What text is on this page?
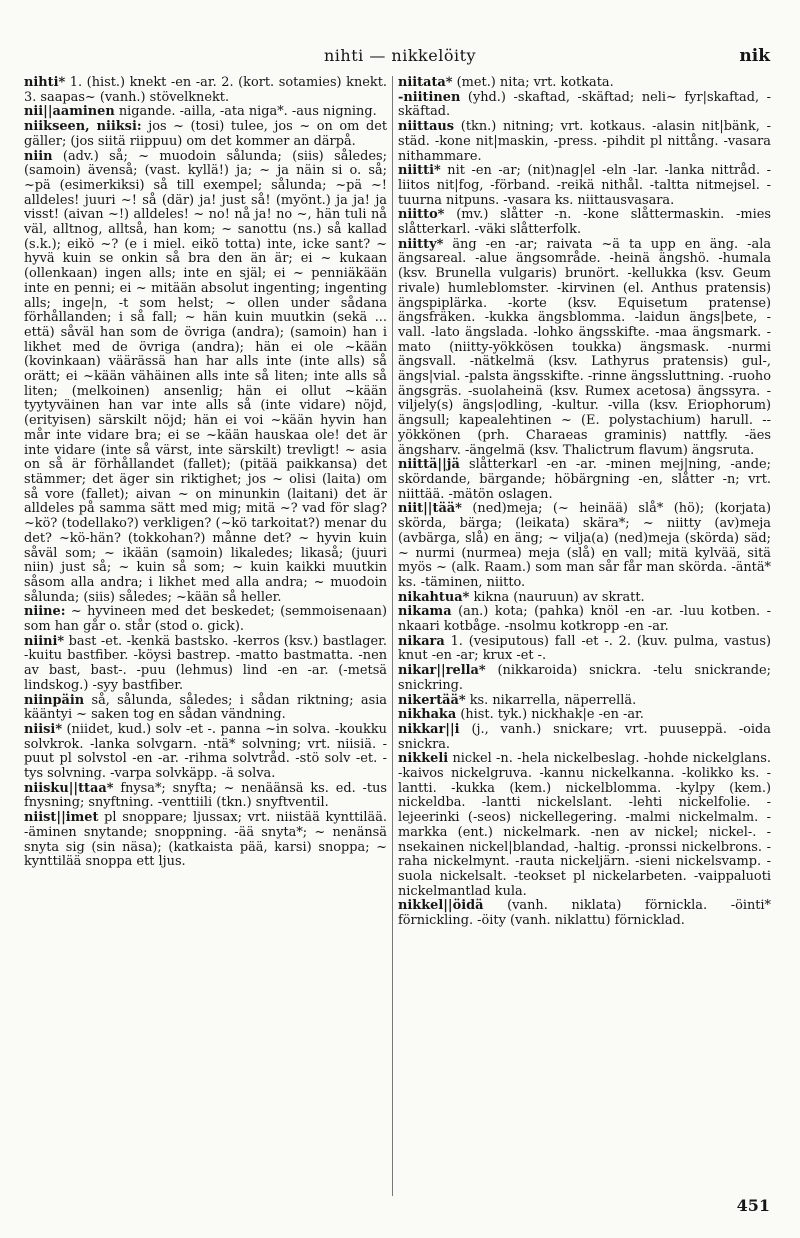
nihti — nikkelöity	nik

nihti* 1. (hist.) knekt -en -ar. 2. (kort. sotamies) knekt. 3. saapas~ (vanh.) stövelknekt.

nii||aaminen nigande. -ailla, -ata niga*. -aus nigning.

niikseen, niiksi: jos ~ (tosi) tulee, jos ~ on om det gäller; (jos siitä riippuu) om det kommer an därpå.

niin (adv.) så; ~ muodoin sålunda; (siis) således; (samoin) ävenså; (vast. kyllä!) ja; ~ ja näin si o. så; ~pä (esimerkiksi) så till exempel; sålunda; ~pä ~! alldeles! juuri ~! så (där) ja! just så! (myönt.) ja ja! ja visst! (aivan ~!) alldeles! ~ no! nå ja! no ~, hän tuli nå väl, alltnog, alltså, han kom; ~ sanottu (ns.) så kallad (s.k.); eikö ~? (e i miel. eikö totta) inte, icke sant? ~ hyvä kuin se onkin så bra den än är; ei ~ kukaan (ollenkaan) ingen alls; inte en själ; ei ~ penniäkään inte en penni; ei ~ mitään absolut ingenting; ingenting alls; inge|n, -t som helst; ~ ollen under sådana förhållanden; i så fall; ~ hän kuin muutkin (sekä ... että) såväl han som de övriga (andra); (samoin) han i likhet med de övriga (andra); hän ei ole ~kään (kovinkaan) väärässä han har alls inte (inte alls) så orätt; ei ~kään vähäinen alls inte så liten; inte alls så liten; (melkoinen) ansenlig; hän ei ollut ~kään tyytyväinen han var inte alls så (inte vidare) nöjd, (erityisen) särskilt nöjd; hän ei voi ~kään hyvin han mår inte vidare bra; ei se ~kään hauskaa ole! det är inte vidare (inte så värst, inte särskilt) trevligt! ~ asia on så är förhållandet (fallet); (pitää paikkansa) det stämmer; det äger sin riktighet; jos ~ olisi (laita) om så vore (fallet); aivan ~ on minunkin (laitani) det är alldeles på samma sätt med mig; mitä ~? vad för slag? ~kö? (todellako?) verkligen? (~kö tarkoitat?) menar du det? ~kö-hän? (tokkohan?) månne det? ~ hyvin kuin såväl som; ~ ikään (samoin) likaledes; likaså; (juuri niin) just så; ~ kuin så som; ~ kuin kaikki muutkin såsom alla andra; i likhet med alla andra; ~ muodoin sålunda; (siis) således; ~kään så heller.

niine: ~ hyvineen med det beskedet; (semmoisenaan) som han går o. står (stod o. gick).

niini* bast -et. -kenkä bastsko. -kerros (ksv.) bastlager. -kuitu bastfiber. -köysi bastrep. -matto bastmatta. -nen av bast, bast-. -puu (lehmus) lind -en -ar. (-metsä lindskog.) -syy bastfiber.

niinpäin så, sålunda, således; i sådan riktning; asia kääntyi ~ saken tog en sådan vändning.

niisi* (niidet, kud.) solv -et -. panna ~in solva. -koukku solvkrok. -lanka solvgarn. -ntä* solvning; vrt. niisiä. -puut pl solvstol -en -ar. -rihma solvtråd. -stö solv -et. -tys solvning. -varpa solvkäpp. -ä solva.

niisku||ttaa* fnysa*; snyfta; ~ nenäänsä ks. ed. -tus fnysning; snyftning. -venttiili (tkn.) snyftventil.

niist||imet pl snoppare; ljussax; vrt. niistää kynttilää. -äminen snytande; snoppning. -ää snyta*; ~ nenänsä snyta sig (sin näsa); (katkaista pää, karsi) snoppa; ~ kynttilää snoppa ett ljus.

niitata* (met.) nita; vrt. kotkata.

-niitinen (yhd.) -skaftad, -skäftad; neli~ fyr|skaftad, -skäftad.

niittaus (tkn.) nitning; vrt. kotkaus. -alasin nit|bänk, -städ. -kone nit|maskin, -press. -pihdit pl nittång. -vasara nithammare.

niitti* nit -en -ar; (nit)nag|el -eln -lar. -lanka nittråd. -liitos nit|fog, -förband. -reikä nithål. -taltta nitmejsel. -tuurna nitpuns. -vasara ks. niittausvasara.

niitto* (mv.) slåtter -n. -kone slåttermaskin. -mies slåtterkarl. -väki slåtterfolk.

niitty* äng -en -ar; raivata ~ä ta upp en äng. -ala ängsareal. -alue ängsområde. -heinä ängshö. -humala (ksv. Brunella vulgaris) brunört. -kellukka (ksv. Geum rivale) humleblomster. -kirvinen (el. Anthus pratensis) ängspiplärka. -korte (ksv. Equisetum pratense) ängsfräken. -kukka ängsblomma. -laidun ängs|bete, -vall. -lato ängslada. -lohko ängsskifte. -maa ängsmark. -mato (niitty-yökkösen toukka) ängsmask. -nurmi ängsvall. -nätkelmä (ksv. Lathyrus pratensis) gul-, ängs|vial. -palsta ängsskifte. -rinne ängssluttning. -ruoho ängsgräs. -suolaheinä (ksv. Rumex acetosa) ängssyra. -viljely(s) ängs|odling, -kultur. -villa (ksv. Eriophorum) ängsull; kapealehtinen ~ (E. polystachium) harull. --yökkönen (prh. Charaeas graminis) nattfly. -äes ängsharv. -ängelmä (ksv. Thalictrum flavum) ängsruta.

niittä||jä slåtterkarl -en -ar. -minen mej|ning, -ande; skördande, bärgande; höbärgning -en, slåtter -n; vrt. niittää. -mätön oslagen.

niit||tää* (ned)meja; (~ heinää) slå* (hö); (korjata) skörda, bärga; (leikata) skära*; ~ niitty (av)meja (avbärga, slå) en äng; ~ vilja(a) (ned)meja (skörda) säd; ~ nurmi (nurmea) meja (slå) en vall; mitä kylvää, sitä myös ~ (alk. Raam.) som man sår får man skörda. -äntä* ks. -täminen, niitto.

nikahtua* kikna (nauruun) av skratt.

nikama (an.) kota; (pahka) knöl -en -ar. -luu kotben. -nkaari kotbåge. -nsolmu kotkropp -en -ar.

nikara 1. (vesiputous) fall -et -. 2. (kuv. pulma, vastus) knut -en -ar; krux -et -.

nikar||rella* (nikkaroida) snickra. -telu snickrande; snickring.

nikertää* ks. nikarrella, näperrellä.

nikhaka (hist. tyk.) nickhak|e -en -ar.

nikkar||i (j., vanh.) snickare; vrt. puuseppä. -oida snickra.

nikkeli nickel -n. -hela nickelbeslag. -hohde nickelglans. -kaivos nickelgruva. -kannu nickelkanna. -kolikko ks. -lantti. -kukka (kem.) nickelblomma. -kylpy (kem.) nickeldba. -lantti nickelslant. -lehti nickelfolie. -lejeerinki (-seos) nickellegering. -malmi nickelmalm. -markka (ent.) nickelmark. -nen av nickel; nickel-. -nsekainen nickel|blandad, -haltig. -pronssi nickelbrons. -raha nickelmynt. -rauta nickeljärn. -sieni nickelsvamp. -suola nickelsalt. -teokset pl nickelarbeten. -vaippaluoti nickelmantlad kula.

nikkel||öidä (vanh. niklata) förnickla. -öinti* förnickling. -öity (vanh. niklattu) förnicklad.

451
